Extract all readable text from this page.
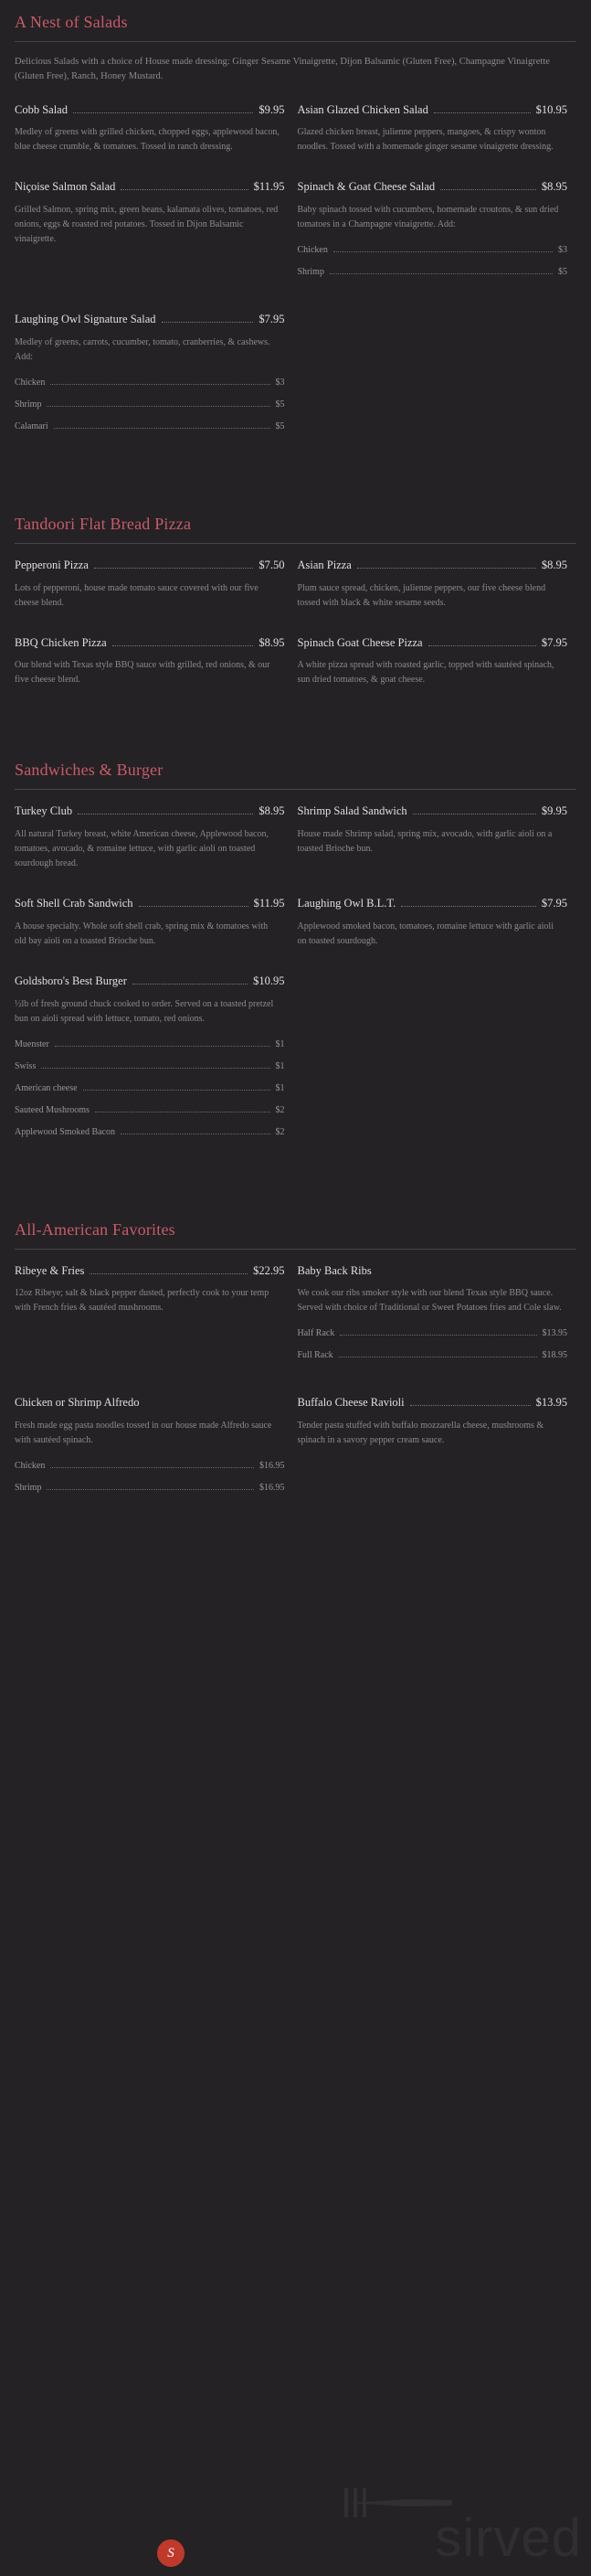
A Nest of Salads
Delicious Salads with a choice of House made dressing: Ginger Sesame Vinaigrette, Dijon Balsamic (Gluten Free), Champagne Vinaigrette (Gluten Free), Ranch, Honey Mustard.
Cobb Salad	$9.95
Medley of greens with grilled chicken, chopped eggs, applewood bacon, blue cheese crumble, & tomatoes. Tossed in ranch dressing.
Asian Glazed Chicken Salad	$10.95
Glazed chicken breast, julienne peppers, mangoes, & crispy wonton noodles. Tossed with a homemade ginger sesame vinaigrette dressing.
Niçoise Salmon Salad	$11.95
Grilled Salmon, spring mix, green beans, kalamata olives, tomatoes, red onions, eggs & roasted red potatoes. Tossed in Dijon Balsamic vinaigrette.
Spinach & Goat Cheese Salad	$8.95
Baby spinach tossed with cucumbers, homemade croutons, & sun dried tomatoes in a Champagne vinaigrette. Add:
Chicken	$3
Shrimp	$5
Laughing Owl Signature Salad	$7.95
Medley of greens, carrots, cucumber, tomato, cranberries, & cashews. Add:
Chicken	$3
Shrimp	$5
Calamari	$5
Tandoori Flat Bread Pizza
Pepperoni Pizza	$7.50
Lots of pepperoni, house made tomato sauce covered with our five cheese blend.
Asian Pizza	$8.95
Plum sauce spread, chicken, julienne peppers, our five cheese blend tossed with black & white sesame seeds.
BBQ Chicken Pizza	$8.95
Our blend with Texas style BBQ sauce with grilled, red onions, & our five cheese blend.
Spinach Goat Cheese Pizza	$7.95
A white pizza spread with roasted garlic, topped with sautéed spinach, sun dried tomatoes, & goat cheese.
Sandwiches & Burger
Turkey Club	$8.95
All natural Turkey breast, white American cheese, Applewood bacon, tomatoes, avocado, & romaine lettuce, with garlic aioli on toasted sourdough bread.
Shrimp Salad Sandwich	$9.95
House made Shrimp salad, spring mix, avocado, with garlic aioli on a toasted Brioche bun.
Soft Shell Crab Sandwich	$11.95
A house specialty. Whole soft shell crab, spring mix & tomatoes with old bay aioli on a toasted Brioche bun.
Laughing Owl B.L.T.	$7.95
Applewood smoked bacon, tomatoes, romaine lettuce with garlic aioli on toasted sourdough.
Goldsboro's Best Burger	$10.95
½lb of fresh ground chuck cooked to order. Served on a toasted pretzel bun on aioli spread with lettuce, tomato, red onions.
Muenster	$1
Swiss	$1
American cheese	$1
Sauteed Mushrooms	$2
Applewood Smoked Bacon	$2
All-American Favorites
Ribeye & Fries	$22.95
12oz Ribeye; salt & black pepper dusted, perfectly cook to your temp with French fries & sautéed mushrooms.
Baby Back Ribs
We cook our ribs smoker style with our blend Texas style BBQ sauce. Served with choice of Traditional or Sweet Potatoes fries and Cole slaw.
Half Rack	$13.95
Full Rack	$18.95
Chicken or Shrimp Alfredo
Fresh made egg pasta noodles tossed in our house made Alfredo sauce with sautéed spinach.
Chicken	$16.95
Shrimp	$16.95
Buffalo Cheese Ravioli	$13.95
Tender pasta stuffed with buffalo mozzarella cheese, mushrooms & spinach in a savory pepper cream sauce.
S	sirved
